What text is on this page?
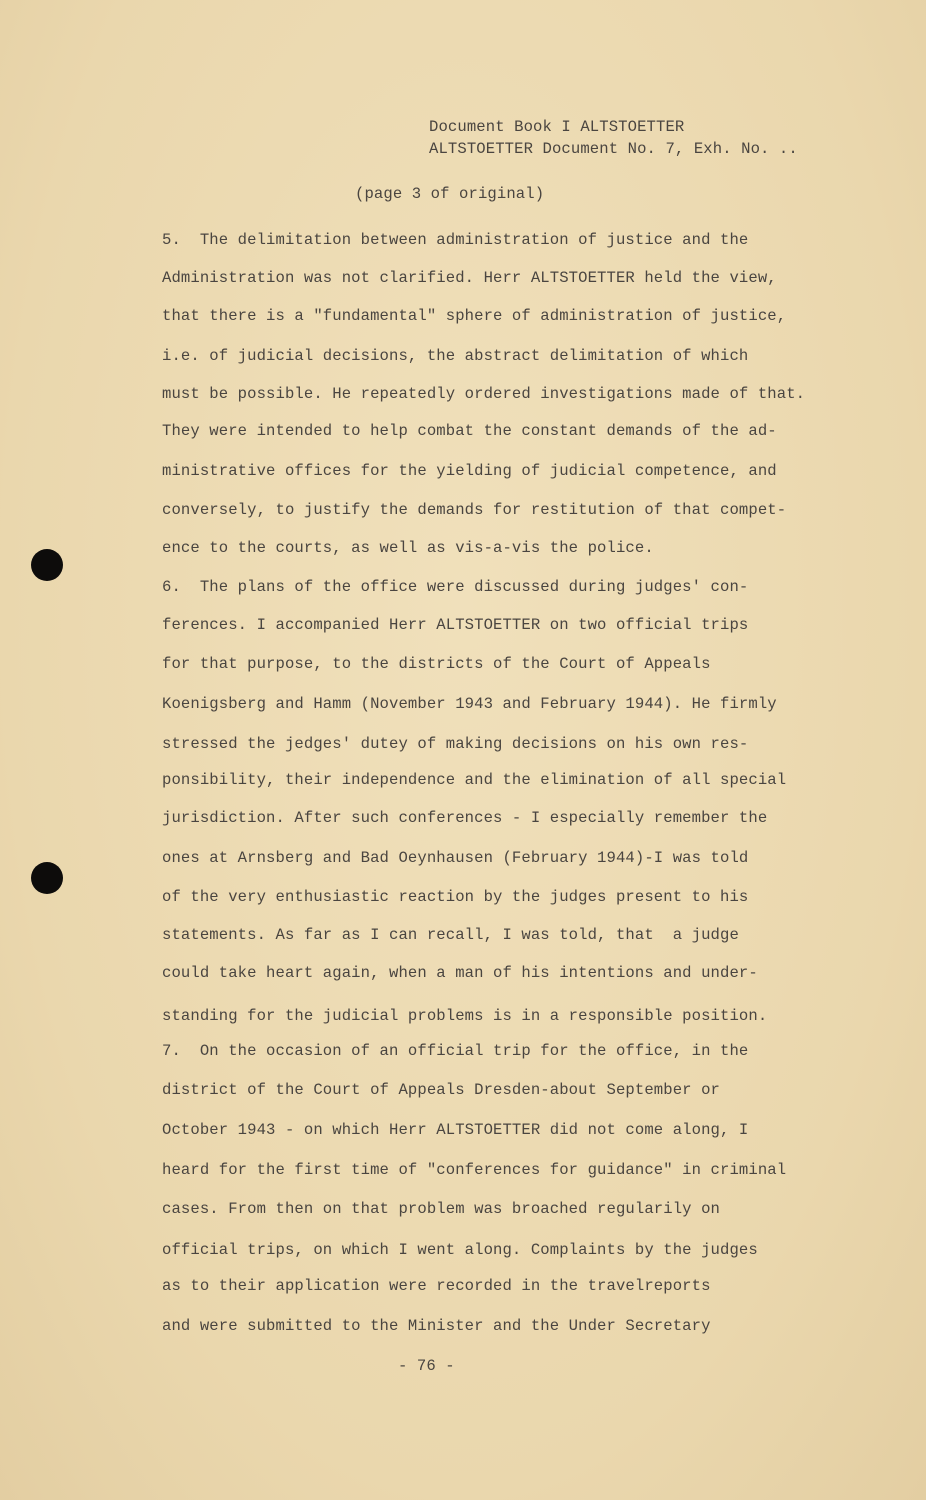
Document Book I ALTSTOETTER
ALTSTOETTER Document No. 7, Exh. No. ..
(page 3 of original)
5.  The delimitation between administration of justice and the
Administration was not clarified. Herr ALTSTOETTER held the view,
that there is a "fundamental" sphere of administration of justice,
i.e. of judicial decisions, the abstract delimitation of which
must be possible. He repeatedly ordered investigations made of that.
They were intended to help combat the constant demands of the ad-
ministrative offices for the yielding of judicial competence, and
conversely, to justify the demands for restitution of that compet-
ence to the courts, as well as vis-a-vis the police.
6.  The plans of the office were discussed during judges' con-
ferences. I accompanied Herr ALTSTOETTER on two official trips
for that purpose, to the districts of the Court of Appeals
Koenigsberg and Hamm (November 1943 and February 1944). He firmly
stressed the jedges' dutey of making decisions on his own res-
ponsibility, their independence and the elimination of all special
jurisdiction. After such conferences - I especially remember the
ones at Arnsberg and Bad Oeynhausen (February 1944)-I was told
of the very enthusiastic reaction by the judges present to his
statements. As far as I can recall, I was told, that  a judge
could take heart again, when a man of his intentions and under-
standing for the judicial problems is in a responsible position.
7.  On the occasion of an official trip for the office, in the
district of the Court of Appeals Dresden-about September or
October 1943 - on which Herr ALTSTOETTER did not come along, I
heard for the first time of "conferences for guidance" in criminal
cases. From then on that problem was broached regularily on
official trips, on which I went along. Complaints by the judges
as to their application were recorded in the travelreports
and were submitted to the Minister and the Under Secretary
- 76 -
